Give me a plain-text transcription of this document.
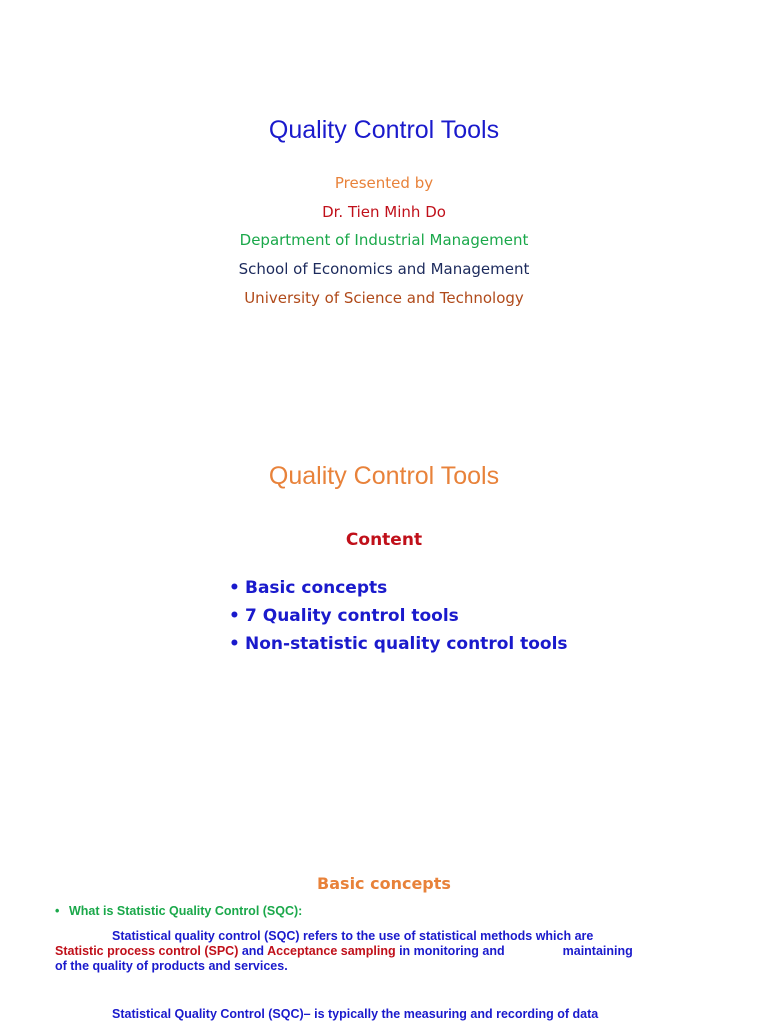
Quality Control Tools
Presented by
Dr. Tien Minh Do
Department of Industrial Management
School of Economics and Management
University of Science and Technology
Quality Control Tools
Content
• Basic concepts
• 7 Quality control tools
• Non-statistic quality control tools
Basic concepts
• What is Statistic Quality Control (SQC):
Statistical quality control (SQC) refers to the use of statistical methods which are
Statistic process control (SPC) and Acceptance sampling in monitoring and	maintaining
of the quality of products and services.
Statistical Quality Control (SQC)– is typically the measuring and recording of data
